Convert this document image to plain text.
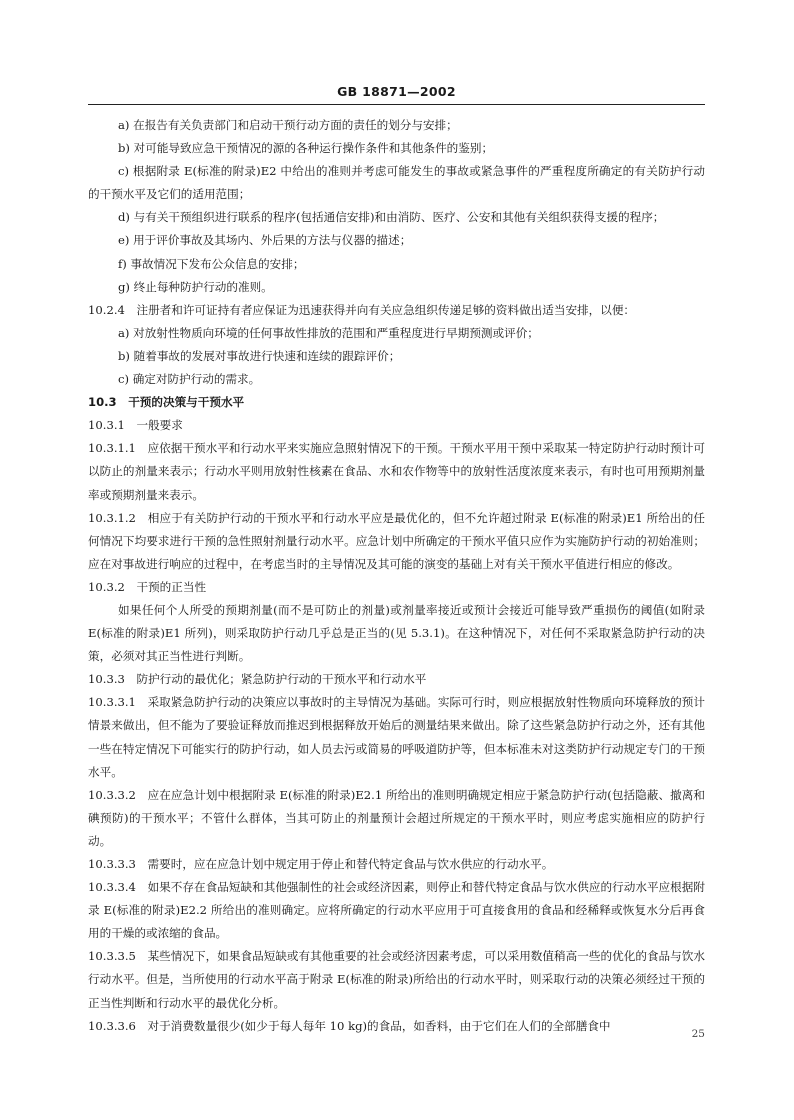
GB 18871—2002

a) 在报告有关负责部门和启动干预行动方面的责任的划分与安排；

b) 对可能导致应急干预情况的源的各种运行操作条件和其他条件的鉴别；

c) 根据附录 E(标准的附录)E2 中给出的准则并考虑可能发生的事故或紧急事件的严重程度所确定的有关防护行动的干预水平及它们的适用范围；

d) 与有关干预组织进行联系的程序(包括通信安排)和由消防、医疗、公安和其他有关组织获得支援的程序；

e) 用于评价事故及其场内、外后果的方法与仪器的描述；

f) 事故情况下发布公众信息的安排；

g) 终止每种防护行动的准则。

10.2.4　注册者和许可证持有者应保证为迅速获得并向有关应急组织传递足够的资料做出适当安排，以便：

a) 对放射性物质向环境的任何事故性排放的范围和严重程度进行早期预测或评价；

b) 随着事故的发展对事故进行快速和连续的跟踪评价；

c) 确定对防护行动的需求。

10.3　干预的决策与干预水平

10.3.1　一般要求

10.3.1.1　应依据干预水平和行动水平来实施应急照射情况下的干预。干预水平用干预中采取某一特定防护行动时预计可以防止的剂量来表示；行动水平则用放射性核素在食品、水和农作物等中的放射性活度浓度来表示，有时也可用预期剂量率或预期剂量来表示。

10.3.1.2　相应于有关防护行动的干预水平和行动水平应是最优化的，但不允许超过附录 E(标准的附录)E1 所给出的任何情况下均要求进行干预的急性照射剂量行动水平。应急计划中所确定的干预水平值只应作为实施防护行动的初始准则；应在对事故进行响应的过程中，在考虑当时的主导情况及其可能的演变的基础上对有关干预水平值进行相应的修改。

10.3.2　干预的正当性

如果任何个人所受的预期剂量(而不是可防止的剂量)或剂量率接近或预计会接近可能导致严重损伤的阈值(如附录 E(标准的附录)E1 所列)，则采取防护行动几乎总是正当的(见 5.3.1)。在这种情况下，对任何不采取紧急防护行动的决策，必须对其正当性进行判断。

10.3.3　防护行动的最优化；紧急防护行动的干预水平和行动水平

10.3.3.1　采取紧急防护行动的决策应以事故时的主导情况为基础。实际可行时，则应根据放射性物质向环境释放的预计情景来做出，但不能为了要验证释放而推迟到根据释放开始后的测量结果来做出。除了这些紧急防护行动之外，还有其他一些在特定情况下可能实行的防护行动，如人员去污或简易的呼吸道防护等，但本标准未对这类防护行动规定专门的干预水平。

10.3.3.2　应在应急计划中根据附录 E(标准的附录)E2.1 所给出的准则明确规定相应于紧急防护行动(包括隐蔽、撤离和碘预防)的干预水平；不管什么群体，当其可防止的剂量预计会超过所规定的干预水平时，则应考虑实施相应的防护行动。

10.3.3.3　需要时，应在应急计划中规定用于停止和替代特定食品与饮水供应的行动水平。

10.3.3.4　如果不存在食品短缺和其他强制性的社会或经济因素，则停止和替代特定食品与饮水供应的行动水平应根据附录 E(标准的附录)E2.2 所给出的准则确定。应将所确定的行动水平应用于可直接食用的食品和经稀释或恢复水分后再食用的干燥的或浓缩的食品。

10.3.3.5　某些情况下，如果食品短缺或有其他重要的社会或经济因素考虑，可以采用数值稍高一些的优化的食品与饮水行动水平。但是，当所使用的行动水平高于附录 E(标准的附录)所给出的行动水平时，则采取行动的决策必须经过干预的正当性判断和行动水平的最优化分析。

10.3.3.6　对于消费数量很少(如少于每人每年 10 kg)的食品，如香料，由于它们在人们的全部膳食中

25
